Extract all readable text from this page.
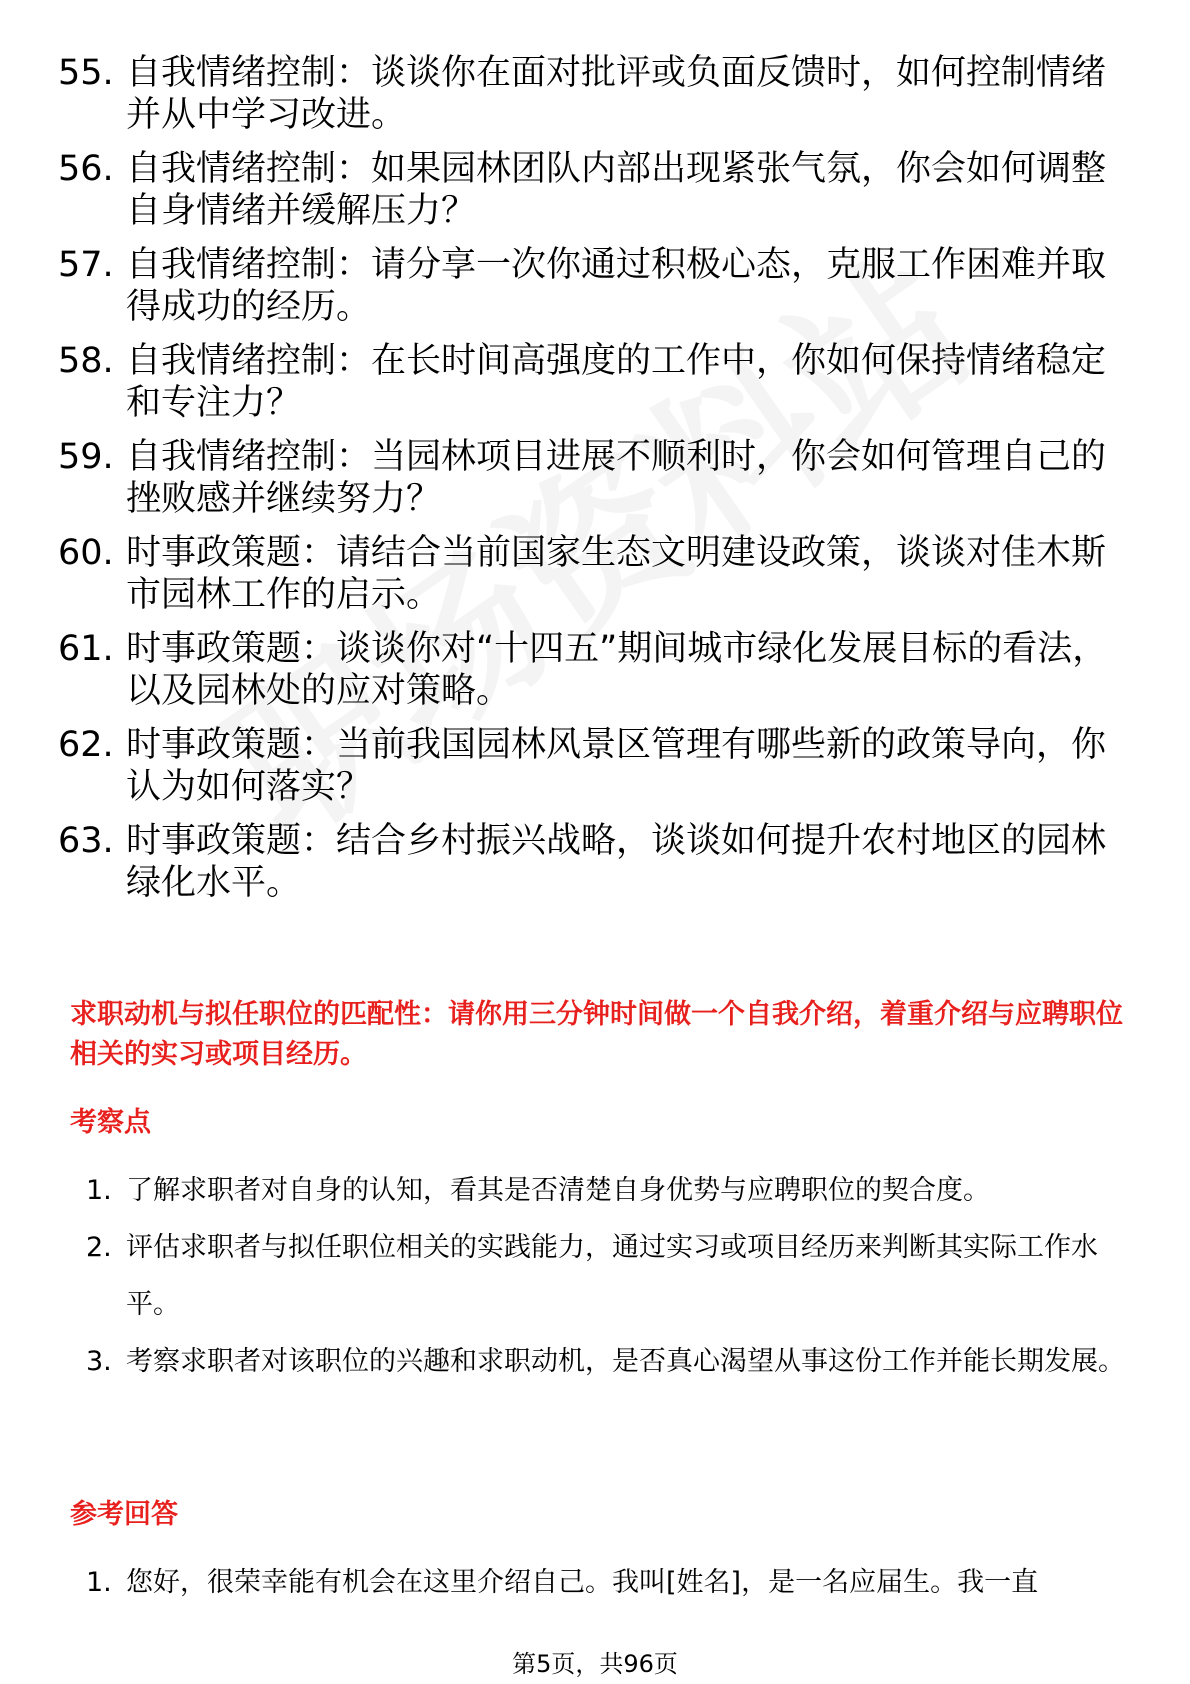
55. 自我情绪控制：谈谈你在面对批评或负面反馈时，如何控制情绪并从中学习改进。
56. 自我情绪控制：如果园林团队内部出现紧张气氛，你会如何调整自身情绪并缓解压力？
57. 自我情绪控制：请分享一次你通过积极心态，克服工作困难并取得成功的经历。
58. 自我情绪控制：在长时间高强度的工作中，你如何保持情绪稳定和专注力？
59. 自我情绪控制：当园林项目进展不顺利时，你会如何管理自己的挫败感并继续努力？
60. 时事政策题：请结合当前国家生态文明建设政策，谈谈对佳木斯市园林工作的启示。
61. 时事政策题：谈谈你对“十四五”期间城市绿化发展目标的看法，以及园林处的应对策略。
62. 时事政策题：当前我国园林风景区管理有哪些新的政策导向，你认为如何落实？
63. 时事政策题：结合乡村振兴战略，谈谈如何提升农村地区的园林绿化水平。
求职动机与拟任职位的匹配性：请你用三分钟时间做一个自我介绍，着重介绍与应聘职位相关的实习或项目经历。
考察点
1. 了解求职者对自身的认知，看其是否清楚自身优势与应聘职位的契合度。
2. 评估求职者与拟任职位相关的实践能力，通过实习或项目经历来判断其实际工作水平。
3. 考察求职者对该职位的兴趣和求职动机，是否真心渴望从事这份工作并能长期发展。
参考回答
1. 您好，很荣幸能有机会在这里介绍自己。我叫[姓名]，是一名应届生。我一直
第5页，共96页
